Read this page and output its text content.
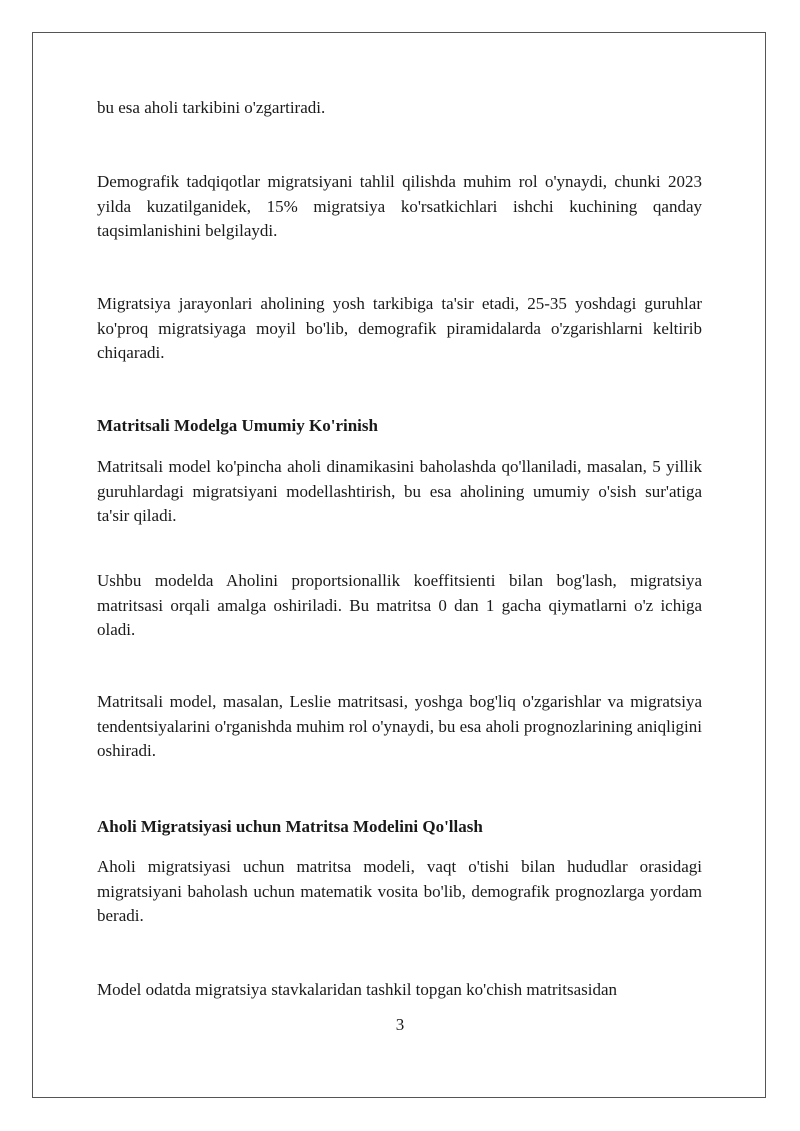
bu esa aholi tarkibini o'zgartiradi.

Demografik tadqiqotlar migratsiyani tahlil qilishda muhim rol o'ynaydi, chunki 2023 yilda kuzatilganidek, 15% migratsiya ko'rsatkichlari ishchi kuchining qanday taqsimlanishini belgilaydi.

Migratsiya jarayonlari aholining yosh tarkibiga ta'sir etadi, 25-35 yoshdagi guruhlar ko'proq migratsiyaga moyil bo'lib, demografik piramidalarda o'zgarishlarni keltirib chiqaradi.

Matritsali Modelga Umumiy Ko'rinish

Matritsali model ko'pincha aholi dinamikasini baholashda qo'llaniladi, masalan, 5 yillik guruhlardagi migratsiyani modellashtirish, bu esa aholining umumiy o'sish sur'atiga ta'sir qiladi.

Ushbu modelda Aholini proportsionallik koeffitsienti bilan bog'lash, migratsiya matritsasi orqali amalga oshiriladi. Bu matritsa 0 dan 1 gacha qiymatlarni o'z ichiga oladi.

Matritsali model, masalan, Leslie matritsasi, yoshga bog'liq o'zgarishlar va migratsiya tendentsiyalarini o'rganishda muhim rol o'ynaydi, bu esa aholi prognozlarining aniqligini oshiradi.

Aholi Migratsiyasi uchun Matritsa Modelini Qo'llash

Aholi migratsiyasi uchun matritsa modeli, vaqt o'tishi bilan hududlar orasidagi migratsiyani baholash uchun matematik vosita bo'lib, demografik prognozlarga yordam beradi.

Model odatda migratsiya stavkalaridan tashkil topgan ko'chish matritsasidan

3
